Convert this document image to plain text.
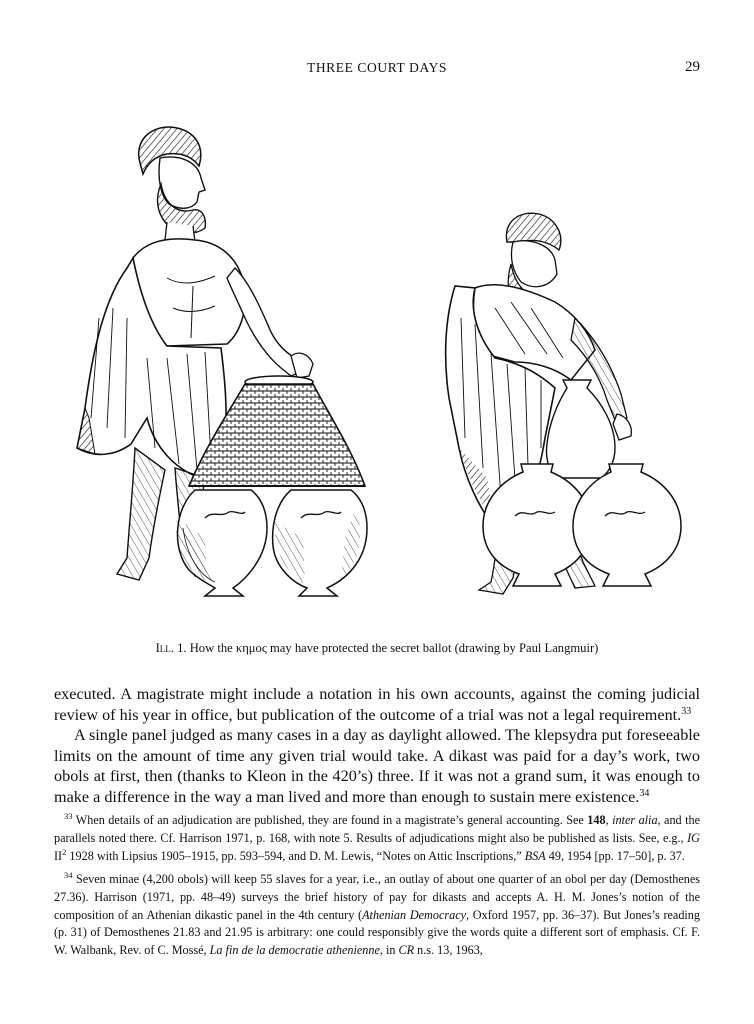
THREE COURT DAYS	29
Ill. 1. How the κημος may have protected the secret ballot (drawing by Paul Langmuir)

executed. A magistrate might include a notation in his own accounts, against the coming judicial review of his year in office, but publication of the outcome of a trial was not a legal requirement.$^{33}$

A single panel judged as many cases in a day as daylight allowed. The klepsydra put foreseeable limits on the amount of time any given trial would take. A dikast was paid for a day’s work, two obols at first, then (thanks to Kleon in the 420’s) three. If it was not a grand sum, it was enough to make a difference in the way a man lived and more than enough to sustain mere existence.$^{34}$

$^{33}$ When details of an adjudication are published, they are found in a magistrate’s general accounting. See 148, inter alia, and the parallels noted there. Cf. Harrison 1971, p. 168, with note 5. Results of adjudications might also be published as lists. See, e.g., IG $II^2$ 1928 with Lipsius 1905–1915, pp. 593–594, and D. M. Lewis, “Notes on Attic Inscriptions,” BSA 49, 1954 [pp. 17–50], p. 37.

$^{34}$ Seven minae (4,200 obols) will keep 55 slaves for a year, i.e., an outlay of about one quarter of an obol per day (Demosthenes 27.36). Harrison (1971, pp. 48–49) surveys the brief history of pay for dikasts and accepts A. H. M. Jones’s notion of the composition of an Athenian dikastic panel in the 4th century (Athenian Democracy, Oxford 1957, pp. 36–37). But Jones’s reading (p. 31) of Demosthenes 21.83 and 21.95 is arbitrary: one could responsibly give the words quite a different sort of emphasis. Cf. F. W. Walbank, Rev. of C. Mossé, La fin de la democratie athenienne, in CR n.s. 13, 1963,
